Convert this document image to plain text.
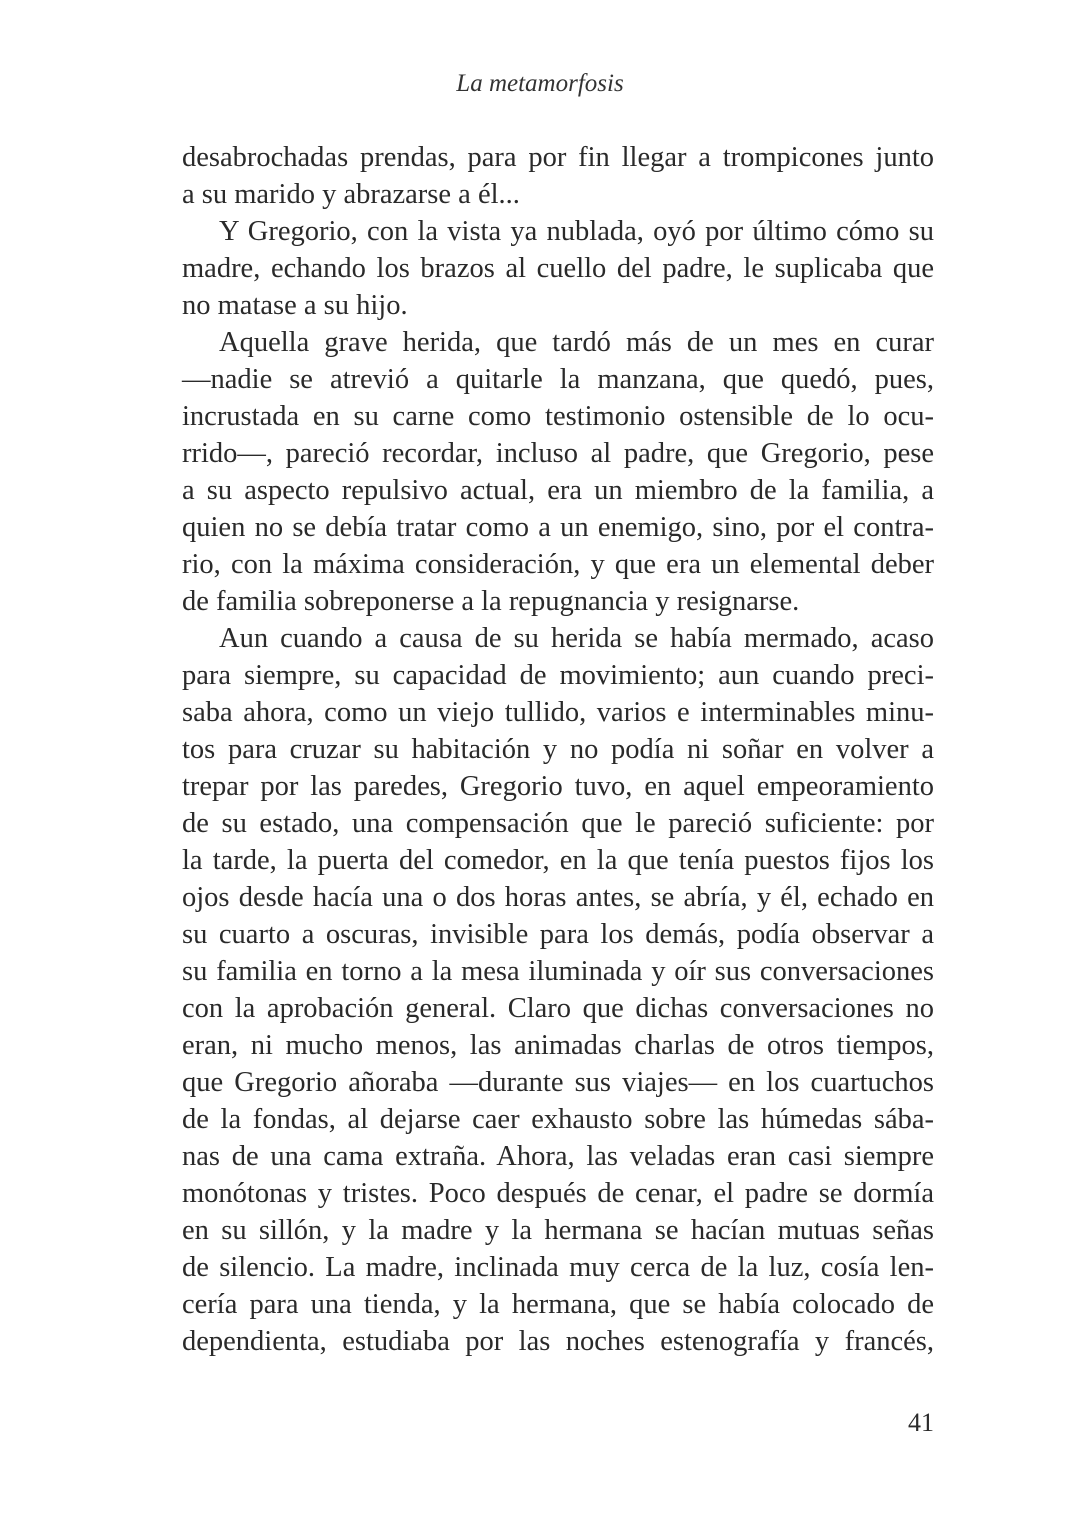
La metamorfosis
desabrochadas prendas, para por fin llegar a trompicones junto
a su marido y abrazarse a él...
Y Gregorio, con la vista ya nublada, oyó por último cómo su
madre, echando los brazos al cuello del padre, le suplicaba que
no matase a su hijo.
Aquella grave herida, que tardó más de un mes en curar
—nadie se atrevió a quitarle la manzana, que quedó, pues,
incrustada en su carne como testimonio ostensible de lo ocu-
rrido—, pareció recordar, incluso al padre, que Gregorio, pese
a su aspecto repulsivo actual, era un miembro de la familia, a
quien no se debía tratar como a un enemigo, sino, por el contra-
rio, con la máxima consideración, y que era un elemental deber
de familia sobreponerse a la repugnancia y resignarse.
Aun cuando a causa de su herida se había mermado, acaso
para siempre, su capacidad de movimiento; aun cuando preci-
saba ahora, como un viejo tullido, varios e interminables minu-
tos para cruzar su habitación y no podía ni soñar en volver a
trepar por las paredes, Gregorio tuvo, en aquel empeoramiento
de su estado, una compensación que le pareció suficiente: por
la tarde, la puerta del comedor, en la que tenía puestos fijos los
ojos desde hacía una o dos horas antes, se abría, y él, echado en
su cuarto a oscuras, invisible para los demás, podía observar a
su familia en torno a la mesa iluminada y oír sus conversaciones
con la aprobación general. Claro que dichas conversaciones no
eran, ni mucho menos, las animadas charlas de otros tiempos,
que Gregorio añoraba —durante sus viajes— en los cuartuchos
de la fondas, al dejarse caer exhausto sobre las húmedas sába-
nas de una cama extraña. Ahora, las veladas eran casi siempre
monótonas y tristes. Poco después de cenar, el padre se dormía
en su sillón, y la madre y la hermana se hacían mutuas señas
de silencio. La madre, inclinada muy cerca de la luz, cosía len-
cería para una tienda, y la hermana, que se había colocado de
dependienta, estudiaba por las noches estenografía y francés,
41
